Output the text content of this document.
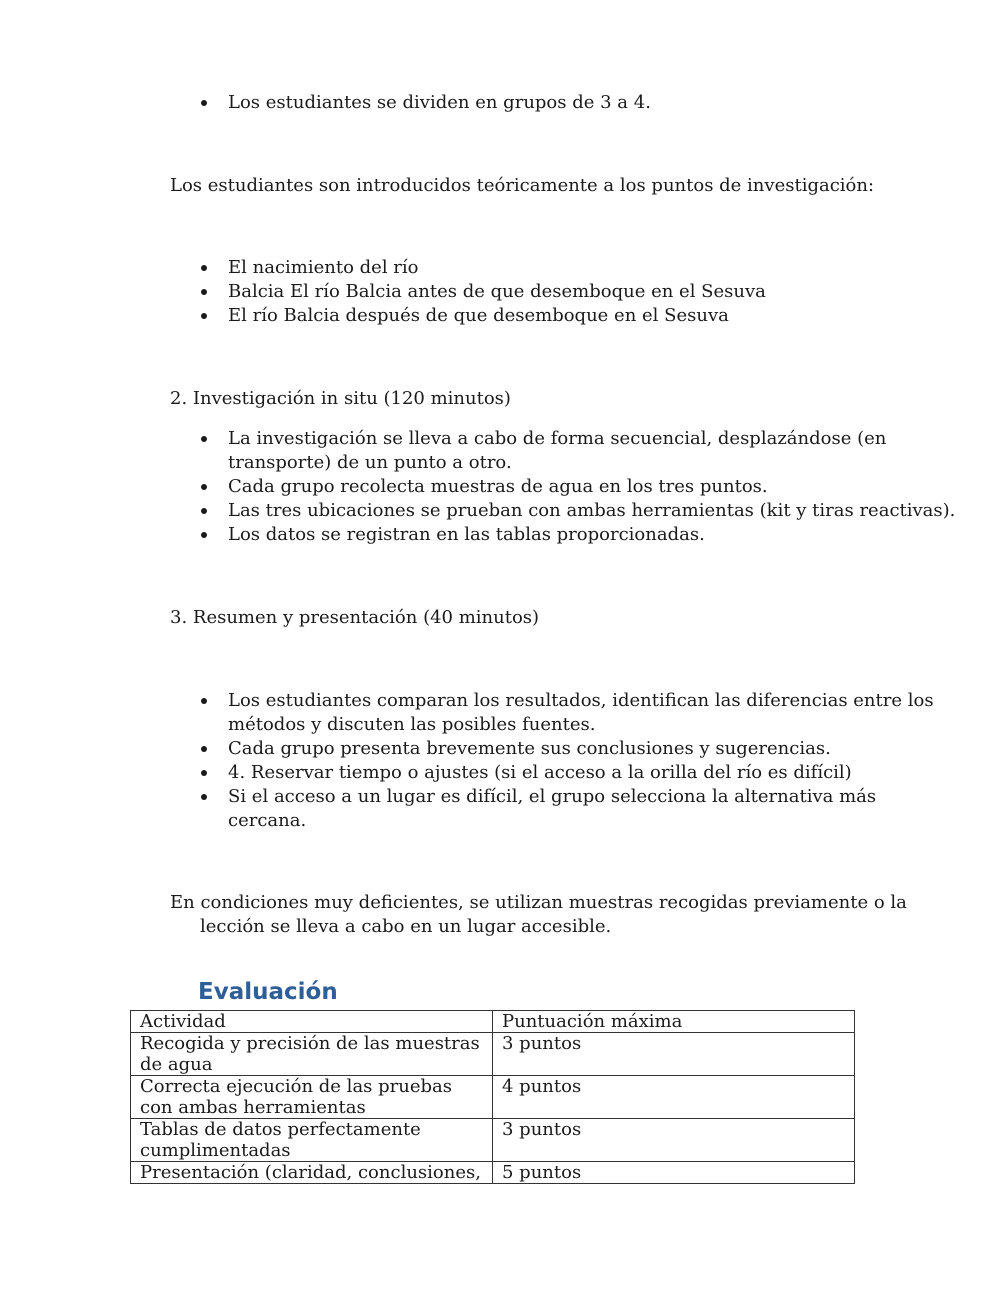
Los estudiantes se dividen en grupos de 3 a 4.
Los estudiantes son introducidos teóricamente a los puntos de investigación:
El nacimiento del río
Balcia El río Balcia antes de que desemboque en el Sesuva
El río Balcia después de que desemboque en el Sesuva
2. Investigación in situ (120 minutos)
La investigación se lleva a cabo de forma secuencial, desplazándose (en transporte) de un punto a otro.
Cada grupo recolecta muestras de agua en los tres puntos.
Las tres ubicaciones se prueban con ambas herramientas (kit y tiras reactivas).
Los datos se registran en las tablas proporcionadas.
3. Resumen y presentación (40 minutos)
Los estudiantes comparan los resultados, identifican las diferencias entre los métodos y discuten las posibles fuentes.
Cada grupo presenta brevemente sus conclusiones y sugerencias.
4. Reservar tiempo o ajustes (si el acceso a la orilla del río es difícil)
Si el acceso a un lugar es difícil, el grupo selecciona la alternativa más cercana.
En condiciones muy deficientes, se utilizan muestras recogidas previamente o la lección se lleva a cabo en un lugar accesible.
Evaluación
Actividad	Puntuación máxima
Recogida y precisión de las muestras de agua	3 puntos
Correcta ejecución de las pruebas con ambas herramientas	4 puntos
Tablas de datos perfectamente cumplimentadas	3 puntos
Presentación (claridad, conclusiones,	5 puntos
